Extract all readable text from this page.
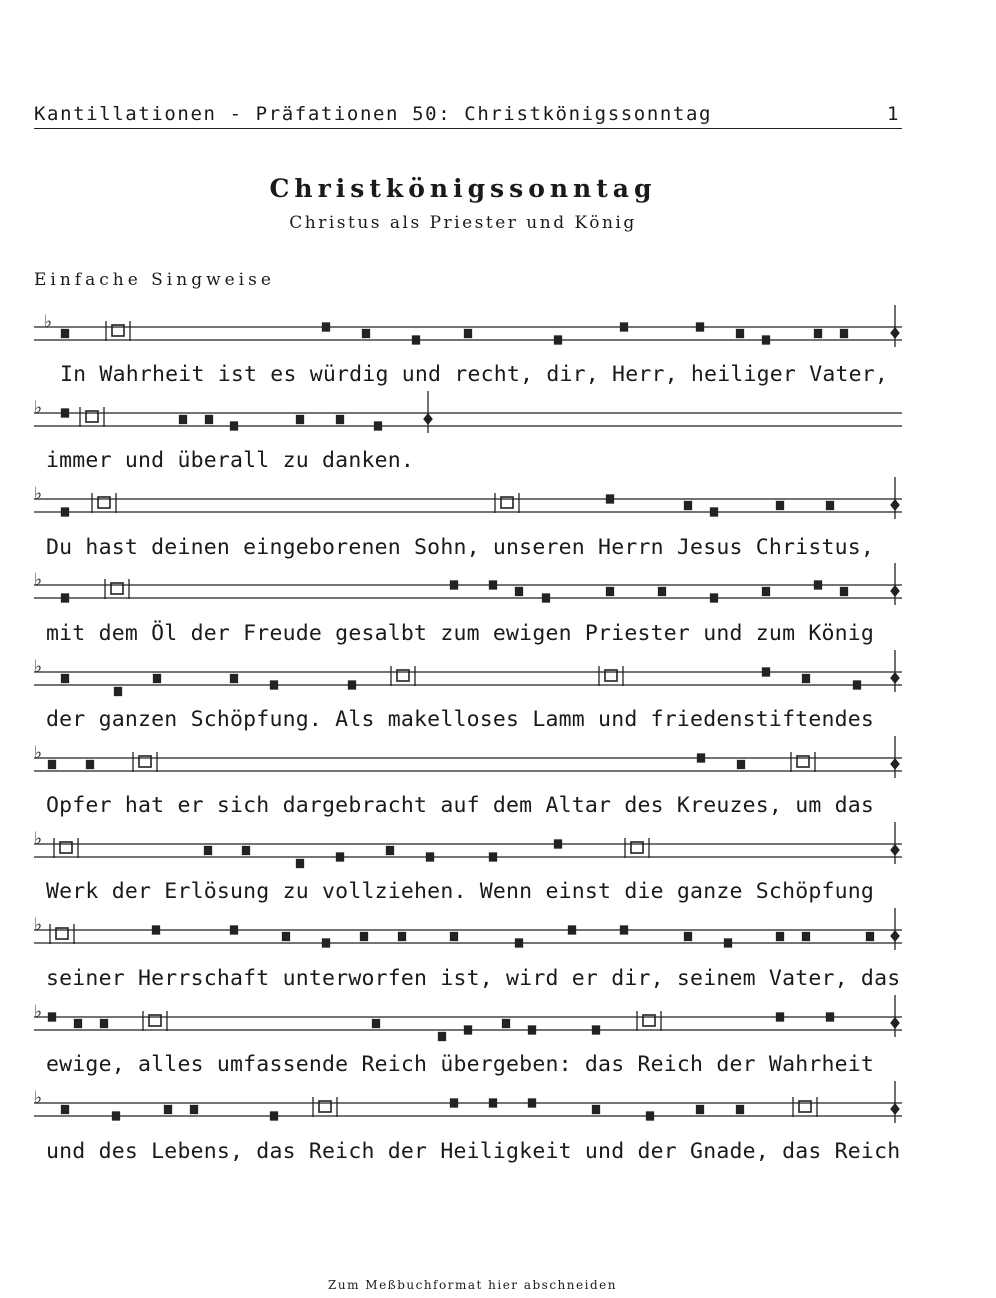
Kantillationen - Präfationen 50: Christkönigssonntag	1
Christkönigssonntag
Christus als Priester und König
Einfache Singweise
♭
♭
♭
♭
♭
♭
♭
♭
♭
♭
In Wahrheit ist es würdig und recht, dir, Herr, heiliger Vater,
immer und überall zu danken.
Du hast deinen eingeborenen Sohn, unseren Herrn Jesus Christus,
mit dem Öl der Freude gesalbt zum ewigen Priester und zum König
der ganzen Schöpfung. Als makelloses Lamm und friedenstiftendes
Opfer hat er sich dargebracht auf dem Altar des Kreuzes, um das
Werk der Erlösung zu vollziehen. Wenn einst die ganze Schöpfung
seiner Herrschaft unterworfen ist, wird er dir, seinem Vater, das
ewige, alles umfassende Reich übergeben: das Reich der Wahrheit
und des Lebens, das Reich der Heiligkeit und der Gnade, das Reich
Zum Meßbuchformat hier abschneiden
